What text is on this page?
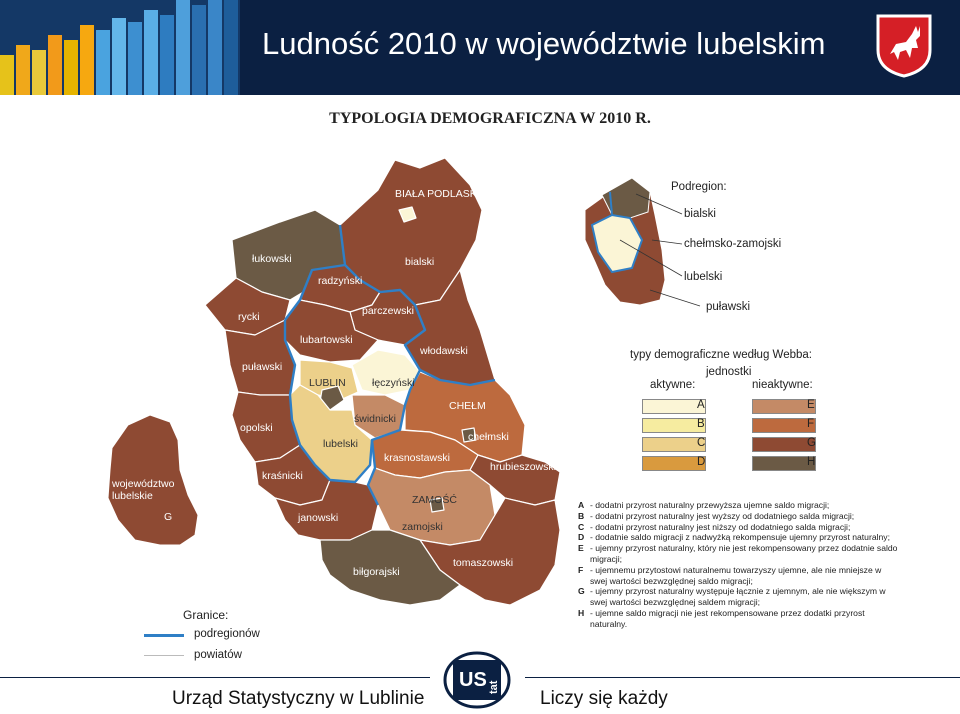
Ludność 2010 w województwie lubelskim
TYPOLOGIA DEMOGRAFICZNA W 2010 R.
BIAŁA PODLASKA
łukowski	bialski
radzyński
rycki	parczewski
lubartowski
włodawski
puławski
LUBLIN łęczyński
świdnicki
CHEŁM
opolski
lubelski
chełmski
krasnostawski
hrubieszowski
kraśnicki
ZAMOŚĆ
zamojski
janowski
tomaszowski
biłgorajski
województwo lubelskie
G
Podregion:
bialski
chełmsko-zamojski
lubelski
puławski
typy demograficzne według Webba:
jednostki
aktywne:	nieaktywne:
A
B
C
D
E
F
G
H
A - dodatni przyrost naturalny przewyższa ujemne saldo migracji;
B - dodatni przyrost naturalny jest wyższy od dodatniego salda migracji;
C - dodatni przyrost naturalny jest niższy od dodatniego salda migracji;
D - dodatnie saldo migracji z nadwyżką rekompensuje ujemny przyrost naturalny;
E - ujemny przyrost naturalny, który nie jest rekompensowany przez dodatnie saldo migracji;
F - ujemnemu przytostowi naturalnemu towarzyszy ujemne, ale nie mniejsze w swej wartości bezwzględnej saldo migracji;
G - ujemny przyrost naturalny występuje łącznie z ujemnym, ale nie większym w swej wartości bezwzględnej saldem migracji;
H - ujemne saldo migracji nie jest rekompensowane przez dodatki przyrost naturalny.
Granice:
podregionów
powiatów
Urząd Statystyczny w Lublinie
US tat
Liczy się każdy
